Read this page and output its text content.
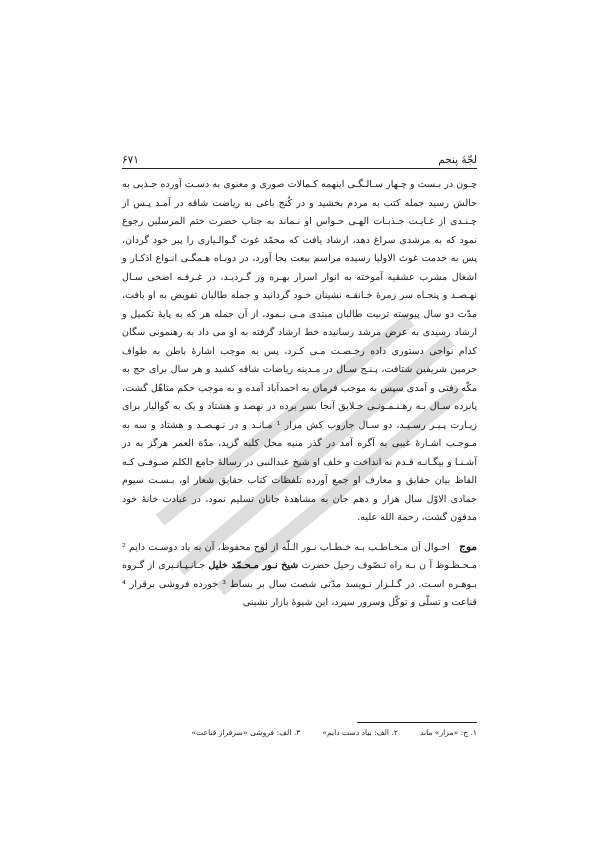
لجّهٔ پنجم
۶۷۱

چـون در بـست و چـهار سـالـگـی اینهمه کـمالات صوری و معنوی به دسـت آورده جـذبی به حالش رسید جمله کتب به مردم بخشید و در کُنج باغی به ریاضت شاقه در آمـد پـس از چـنـدی از غـایـت جـذبـات الهـی حـواس او نـماند به جناب حضرت ختم المرسلین رجوع نمود که به مرشدی سراغ دهد، ارشاد یافت که محمّد غوث گـوالـیاری را پیر خود گردان، پس به خدمت غوث الاولیا رسیده مراسم بیعت بجا آورد، در دوبـاه هـمگـی انـواع اذکـار و اشغال مشرب عشقیه آموخته به انوار اسرار بهـره ور گـردیـد، در غـرفـه اضحی سـال نهـصـد و پنجـاه سر زمرهٔ خـانقـه نشینان خـود گردانید و جمله طالبان تفویض به او یافت، مدّت دو سال پیوسته تربیت طالبان مبتدی مـی نـمود، از آن جمله هر که به پایهٔ تکمیل و ارشاد رسیدی به عرض مرشد رسانیده خط ارشاد گرفته به او می داد به رهنمونی سگان کدام نواحی دستوری داده رخـصـت مـی کـرد، پس به موجب اشارهٔ باطن به طواف حرمین شریفین شتافت، پـنـج سـال در مـدینه ریاضات شاقه کشید و هر سال برای حج به مکّه رفتی و آمدی سپس به موجب فرمان به احمدآباد آمده و به موجب حکم متاهّل گشت، پانزده سـال بـه رهـنـمـونـی خـلایق آنجا بسر برده در نهصد و هشتاد و یک به گوالیار برای زیـارت پـیـر رسـیـد، دو سـال جاروب کش مزار ¹ مـانـد و در نـهـصـد و هشتاد و سه به مـوجـب اشـارهٔ غیبی به آگره آمد در گذر منیه محل کلبه گزید، مدّة العمر هرگز به در آشـنـا و بیگـانـه قـدم نه انداخت و خلف او شیخ عبدالنبی در رسالهٔ جامع الکلم صـوفـی کـه الفاظ بیان حقایق و معارف او جمع آورده تلفظات کتاب حقایق شعار او، بـسـت سیوم جمادی الاوّل سال هزار و دهم جان به مشاهدهٔ جانان تسلیم نمود، در عبادت خانهٔ خود مدفون گشت، رحمة الله علیه.

موج احـوال آن مـخـاطـب بـه خـطـاب نـور الـلّه از لوح محفوظ، آن به یاد دوسـت دایم ² مـحـظـوظ آ ن بـه راه تـصّوف رحیل حضرت شیخ نـور مـحـمّد خلیل جـانـپـانـیری از گـروه بـوهـره اسـت. در گـلـزار نـویسد مدّتی شصت سال بر بساط ³ خورده فروشی برقرار ⁴ قناعت و تسلّی و توکّل وسرور سپرد، این شیوهٔ بازار نشینی

۱. ج: «مزار» ماند
۲. الف: بیاد دست دایم»
۳. الف: فروشی «سرفراز قناعت»
